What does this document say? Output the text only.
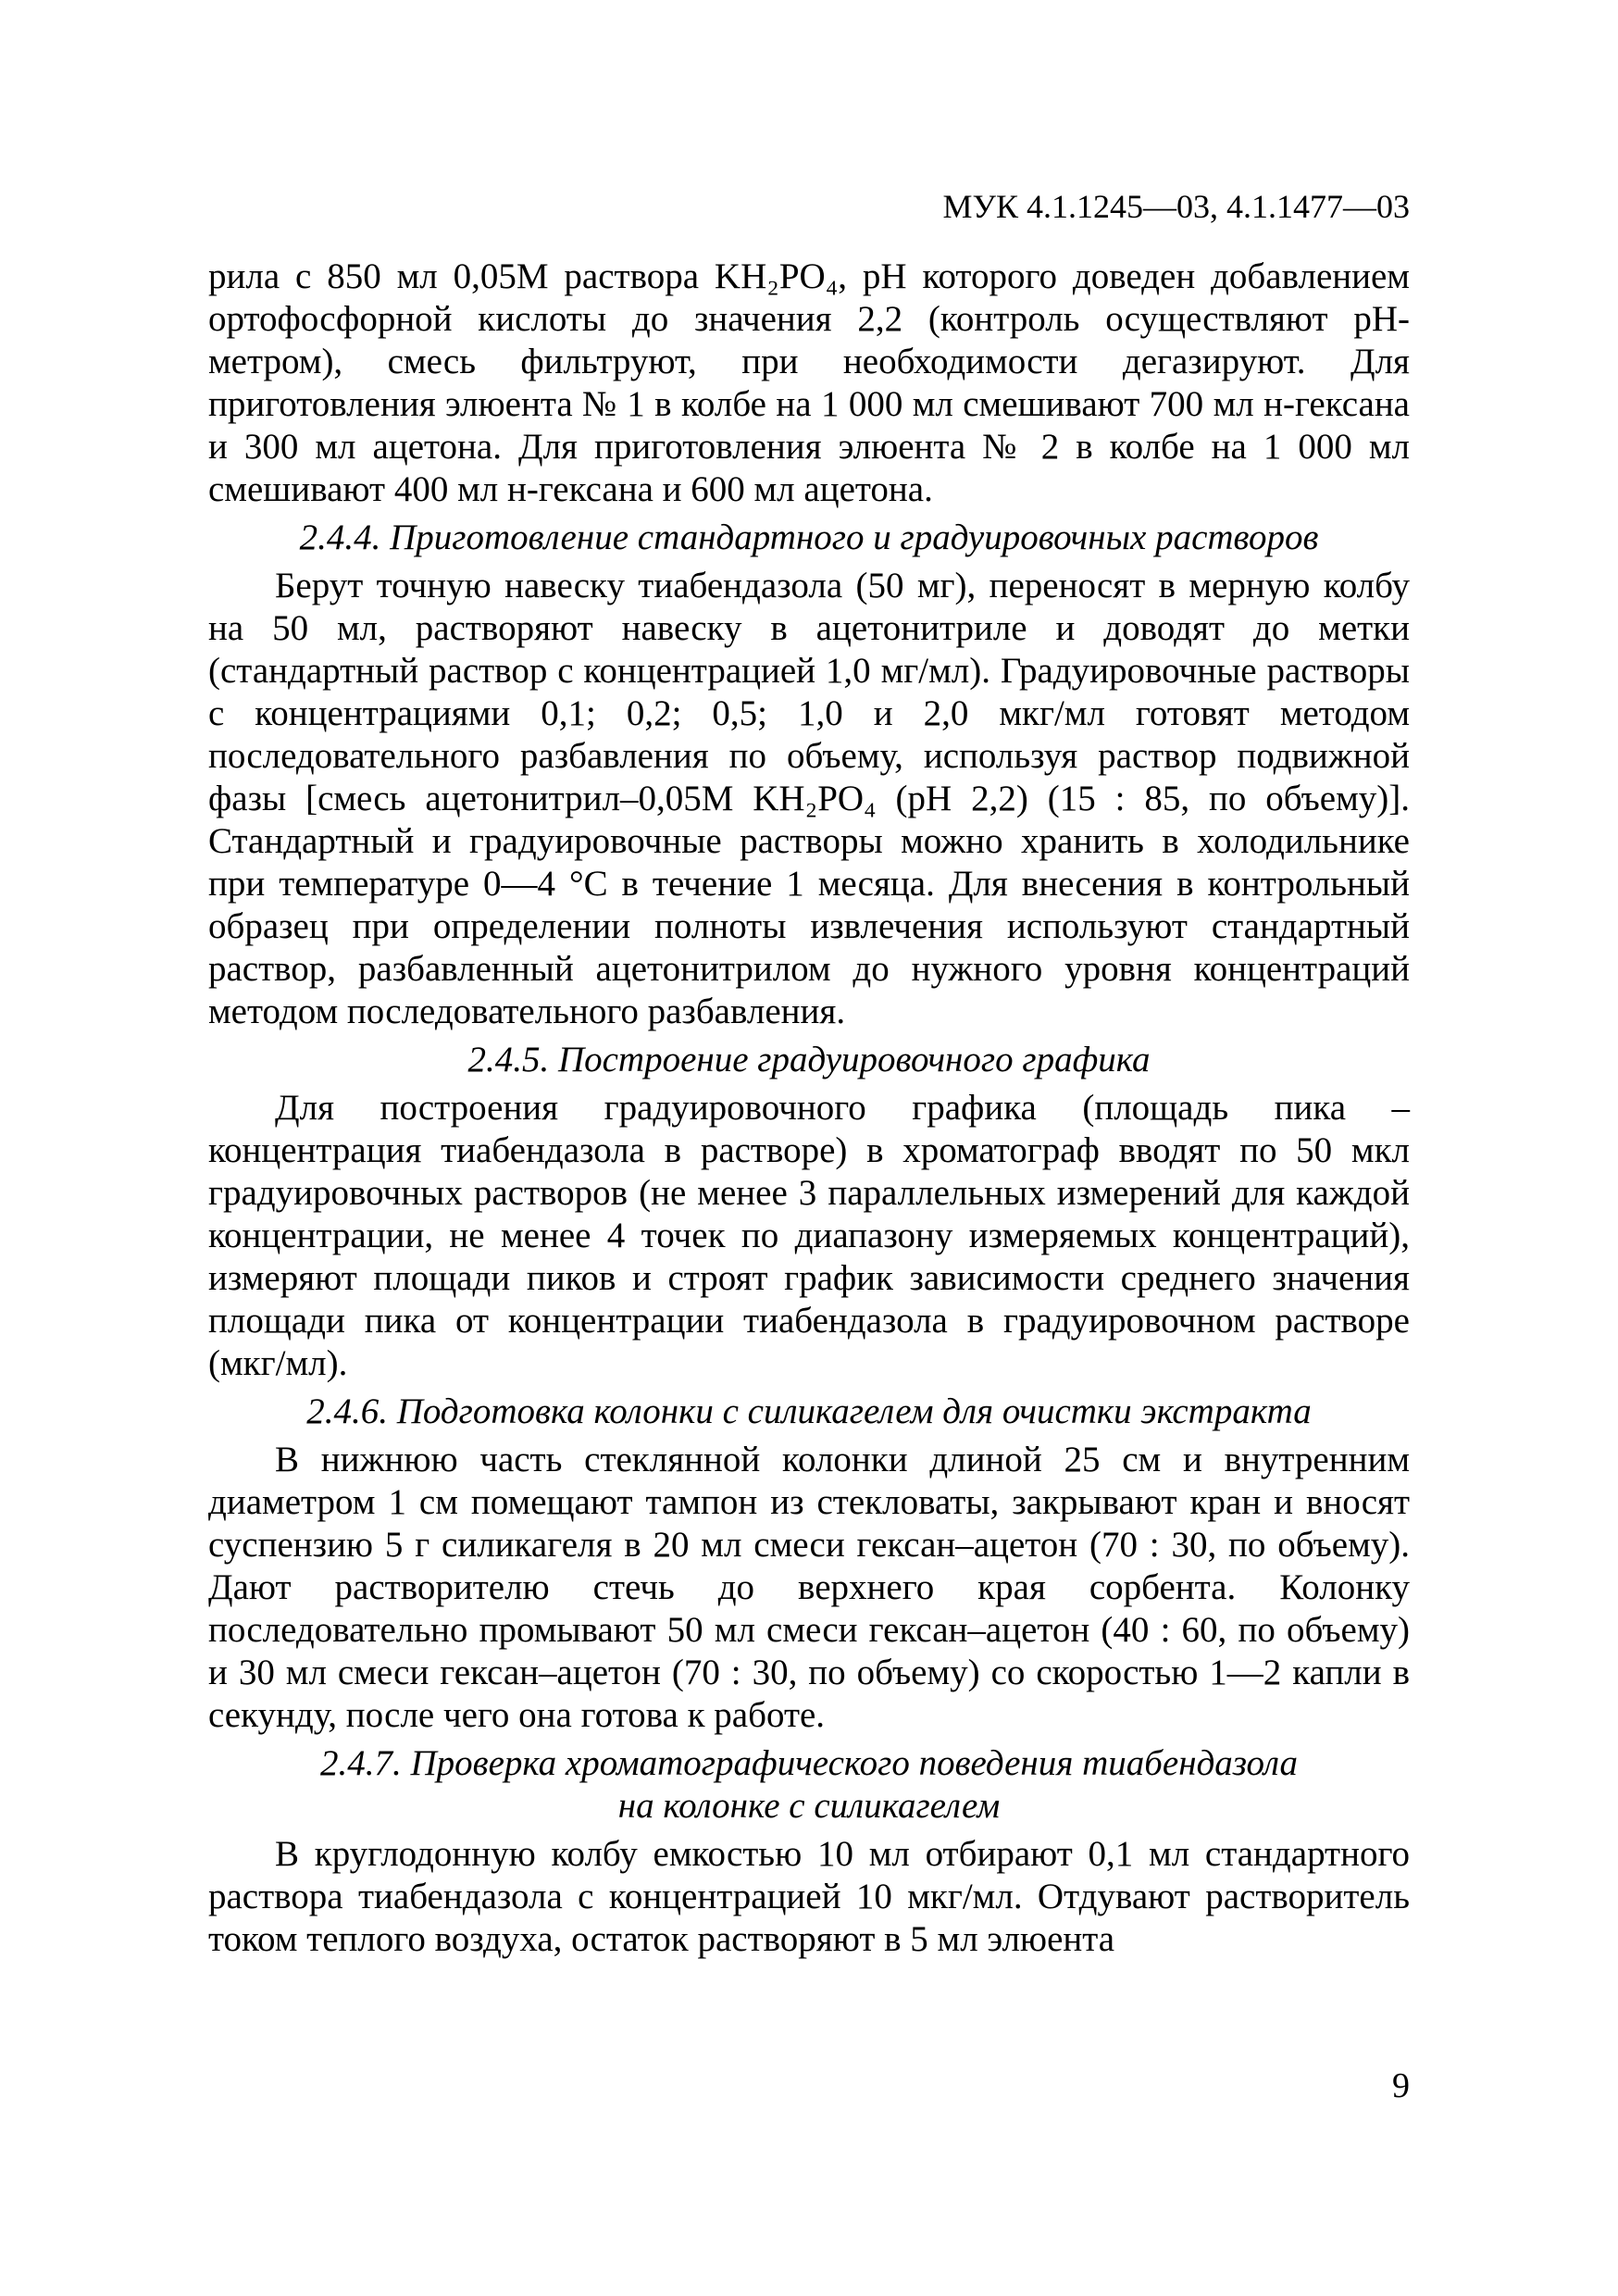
МУК 4.1.1245—03, 4.1.1477—03

рила с 850 мл 0,05M раствора KH₂PO₄, pH которого доведен добавлением ортофосфорной кислоты до значения 2,2 (контроль осуществляют pH-метром), смесь фильтруют, при необходимости дегазируют. Для приготовления элюента № 1 в колбе на 1 000 мл смешивают 700 мл н-гексана и 300 мл ацетона. Для приготовления элюента № 2 в колбе на 1 000 мл смешивают 400 мл н-гексана и 600 мл ацетона.

2.4.4. Приготовление стандартного и градуировочных растворов

Берут точную навеску тиабендазола (50 мг), переносят в мерную колбу на 50 мл, растворяют навеску в ацетонитриле и доводят до метки (стандартный раствор с концентрацией 1,0 мг/мл). Градуировочные растворы с концентрациями 0,1; 0,2; 0,5; 1,0 и 2,0 мкг/мл готовят методом последовательного разбавления по объему, используя раствор подвижной фазы [смесь ацетонитрил–0,05M KH₂PO₄ (pH 2,2) (15 : 85, по объему)]. Стандартный и градуировочные растворы можно хранить в холодильнике при температуре 0—4 °С в течение 1 месяца. Для внесения в контрольный образец при определении полноты извлечения используют стандартный раствор, разбавленный ацетонитрилом до нужного уровня концентраций методом последовательного разбавления.

2.4.5. Построение градуировочного графика

Для построения градуировочного графика (площадь пика – концентрация тиабендазола в растворе) в хроматограф вводят по 50 мкл градуировочных растворов (не менее 3 параллельных измерений для каждой концентрации, не менее 4 точек по диапазону измеряемых концентраций), измеряют площади пиков и строят график зависимости среднего значения площади пика от концентрации тиабендазола в градуировочном растворе (мкг/мл).

2.4.6. Подготовка колонки с силикагелем для очистки экстракта

В нижнюю часть стеклянной колонки длиной 25 см и внутренним диаметром 1 см помещают тампон из стекловаты, закрывают кран и вносят суспензию 5 г силикагеля в 20 мл смеси гексан–ацетон (70 : 30, по объему). Дают растворителю стечь до верхнего края сорбента. Колонку последовательно промывают 50 мл смеси гексан–ацетон (40 : 60, по объему) и 30 мл смеси гексан–ацетон (70 : 30, по объему) со скоростью 1—2 капли в секунду, после чего она готова к работе.

2.4.7. Проверка хроматографического поведения тиабендазола
на колонке с силикагелем

В круглодонную колбу емкостью 10 мл отбирают 0,1 мл стандартного раствора тиабендазола с концентрацией 10 мкг/мл. Отдувают растворитель током теплого воздуха, остаток растворяют в 5 мл элюента

9
